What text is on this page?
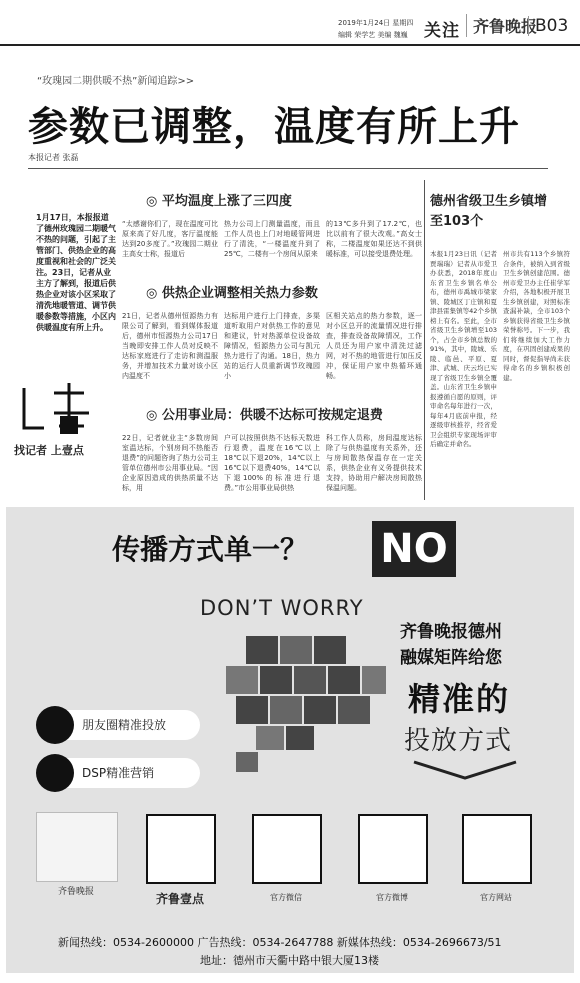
2019年1月24日 星期四
编辑 荣学艺 美编 魏巍 关注 齐鲁晚报
B03
“玫瑰园二期供暖不热”新闻追踪>>
参数已调整，温度有所上升
本报记者 张磊
1月17日，本报报道了德州玫瑰园二期暖气不热的问题，引起了主管部门、供热企业的高度重视和社会的广泛关注。23日，记者从业主方了解到，报道后供热企业对该小区采取了清洗地暖管道、调节供暖参数等措施，小区内供暖温度有所上升。
找记者 上壹点
◎ 平均温度上涨了三四度
“太感谢你们了，现在温度可比原来高了好几度，客厅温度能达到20多度了。”玫瑰园二期业主高女士称，报道后
热力公司上门测量温度，而且工作人员也上门对地暖管网进行了清洗，“一楼温度升到了25℃，二楼有一个房间从原来
的13℃多升到了17.2℃，也比以前有了很大改观。”高女士称，二楼温度如果还达不到供暖标准，可以接受退费处理。
◎ 供热企业调整相关热力参数
21日，记者从德州恒源热力有限公司了解到，看到媒体报道后，德州市恒源热力公司17日当晚即安排工作人员对反映不达标家庭进行了走访和测温服务，并增加技术力量对该小区内温度不
达标用户进行上门排查，多渠道听取用户对供热工作的意见和建议，针对热源单位设备故障情况，恒源热力公司与凯元热力进行了沟通。18日，热力站的运行人员重新调节玫瑰园小
区相关站点的热力参数，逐一对小区总开的流量情况进行排查，排查设备故障情况，工作人员还为用户家中清洗过滤网，对不热的地管进行加压反冲，保证用户家中热循环通畅。
◎ 公用事业局：供暖不达标可按规定退费
22日，记者就业主“多数房间室温达标，个别房间不热能否退费”的问题咨询了热力公司主管单位德州市公用事业局。“因企业原因造成的供热质量不达标，用
户可以按照供热不达标天数进行退费，温度在16℃以上18℃以下退20%，14℃以上16℃以下退费40%，14℃以下退100%的标准进行退费。”市公用事业局供热
科工作人员称，房间温度达标除了与供热温度有关系外，还与房间散热保温存在一定关系，供热企业有义务提供技术支持，协助用户解决房间散热保温问题。
德州省级卫生乡镇增至103个
本报1月23日讯（记者 贾瑞瑞）记者从市爱卫办获悉，2018年度山东省卫生乡镇名单公布，德州市禹城市梁家镇、陵城区丁庄镇和夏津县雷集镇等42个乡镇榜上有名。至此，全市省级卫生乡镇增至103个，占全市乡镇总数的91%，其中，陵城、乐陵、临邑、平原、夏津、武城、庆云均已实现了省级卫生乡镇全覆盖。山东省卫生乡镇申报遵循自愿的原则，评审命名每年进行一次，每年4月底前申报，经逐级审核推荐，经省爱卫会组织专家现场评审后确定并命名。
州市共有113个乡镇符合条件，被纳入到省级卫生乡镇创建范围。德州市爱卫办主任崔学军介绍，各地积极开展卫生乡镇创建，对照标准查漏补缺，全市103个乡镇获得省级卫生乡镇荣誉称号。下一步，我们将继续加大工作力度，在巩固创建成果的同时，督促指导尚未获得命名的乡镇积极创建。
传播方式单一？ NO
DON’T WORRY
齐鲁晚报德州
融媒矩阵给您
精准的
投放方式
朋友圈精准投放
DSP精准营销
齐鲁晚报	齐鲁壹点	官方微信	官方微博	官方网站
新闻热线：0534-2600000 广告热线：0534-2647788 新媒体热线：0534-2696673/51
地址：德州市天衢中路中银大厦13楼
